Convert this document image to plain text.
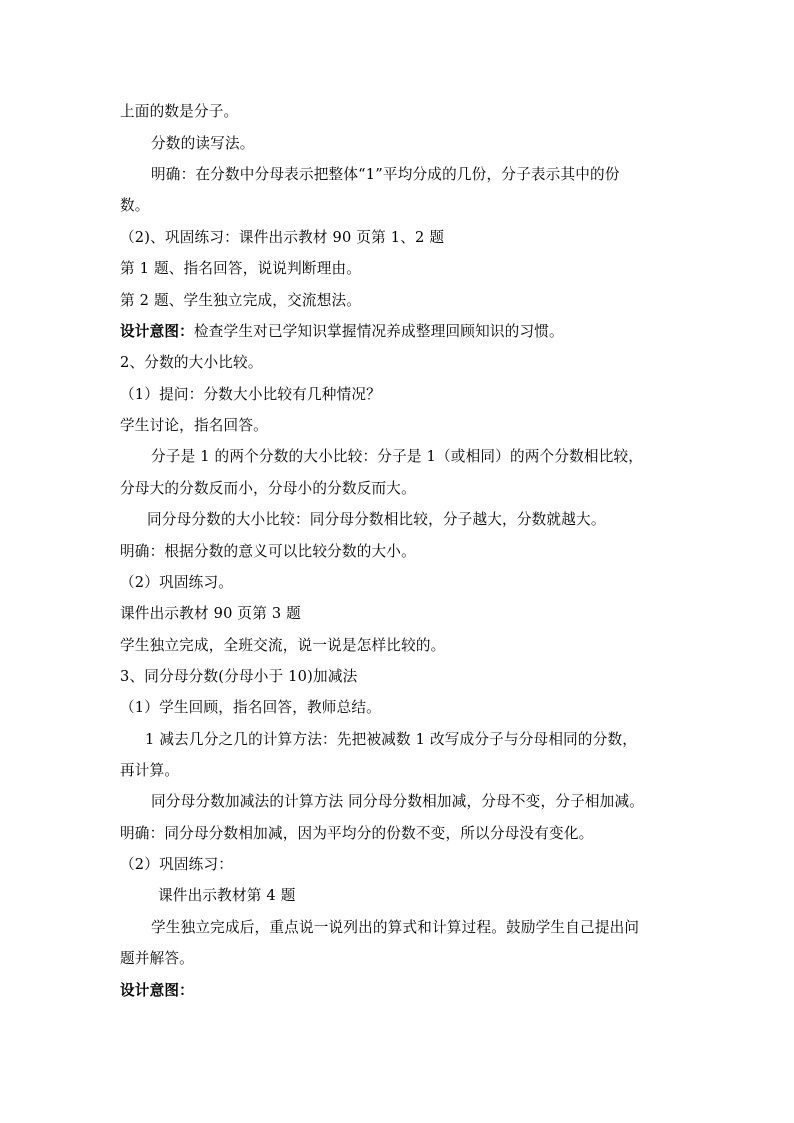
上面的数是分子。
分数的读写法。
明确：在分数中分母表示把整体“1”平均分成的几份，分子表示其中的份
数。
（2)、巩固练习：课件出示教材 90 页第 1、2 题
第 1 题、指名回答，说说判断理由。
第 2 题、学生独立完成，交流想法。
设计意图：检查学生对已学知识掌握情况养成整理回顾知识的习惯。
2、分数的大小比较。
（1）提问：分数大小比较有几种情况？
学生讨论，指名回答。
分子是 1 的两个分数的大小比较：分子是 1（或相同）的两个分数相比较，
分母大的分数反而小，分母小的分数反而大。
同分母分数的大小比较：同分母分数相比较，分子越大，分数就越大。
明确：根据分数的意义可以比较分数的大小。
（2）巩固练习。
课件出示教材 90 页第 3 题
学生独立完成，全班交流，说一说是怎样比较的。
3、同分母分数(分母小于 10)加减法
（1）学生回顾，指名回答，教师总结。
1 减去几分之几的计算方法：先把被减数 1 改写成分子与分母相同的分数，
再计算。
同分母分数加减法的计算方法 同分母分数相加减，分母不变，分子相加减。
明确：同分母分数相加减，因为平均分的份数不变，所以分母没有变化。
（2）巩固练习：
课件出示教材第 4 题
学生独立完成后，重点说一说列出的算式和计算过程。鼓励学生自己提出问
题并解答。
设计意图：
